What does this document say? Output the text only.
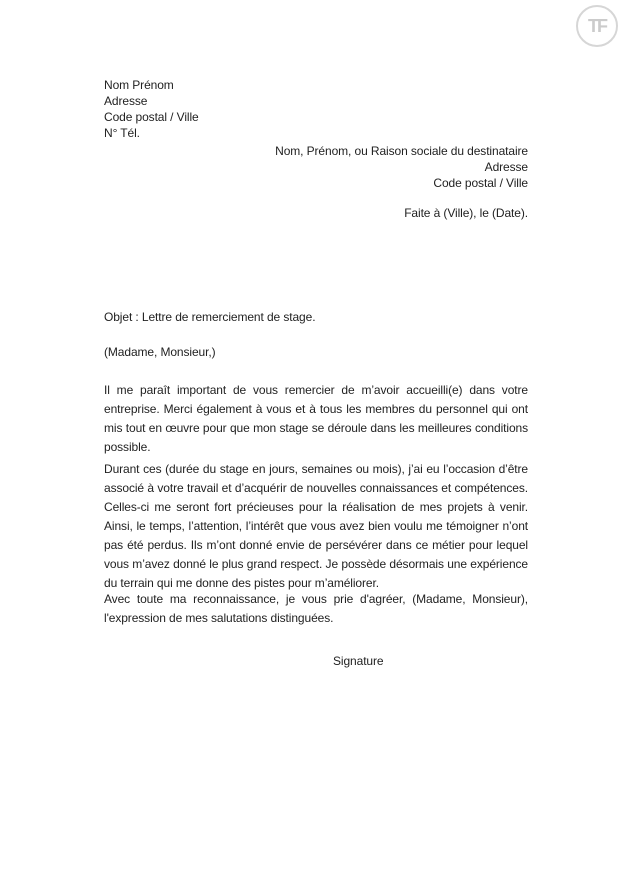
TF
Nom Prénom
Adresse
Code postal / Ville
N° Tél.
Nom, Prénom, ou Raison sociale du destinataire
Adresse
Code postal / Ville
Faite à (Ville), le (Date).
Objet : Lettre de remerciement de stage.
(Madame, Monsieur,)

Il me paraît important de vous remercier de m’avoir accueilli(e) dans votre entreprise. Merci également à vous et à tous les membres du personnel qui ont mis tout en œuvre pour que mon stage se déroule dans les meilleures conditions possible.

Durant ces (durée du stage en jours, semaines ou mois), j’ai eu l’occasion d’être associé à votre travail et d’acquérir de nouvelles connaissances et compétences. Celles-ci me seront fort précieuses pour la réalisation de mes projets à venir. Ainsi, le temps, l’attention, l’intérêt que vous avez bien voulu me témoigner n’ont pas été perdus. Ils m’ont donné envie de persévérer dans ce métier pour lequel vous m’avez donné le plus grand respect. Je possède désormais une expérience du terrain qui me donne des pistes pour m’améliorer.

Avec toute ma reconnaissance, je vous prie d'agréer, (Madame, Monsieur), l'expression de mes salutations distinguées.

Signature
